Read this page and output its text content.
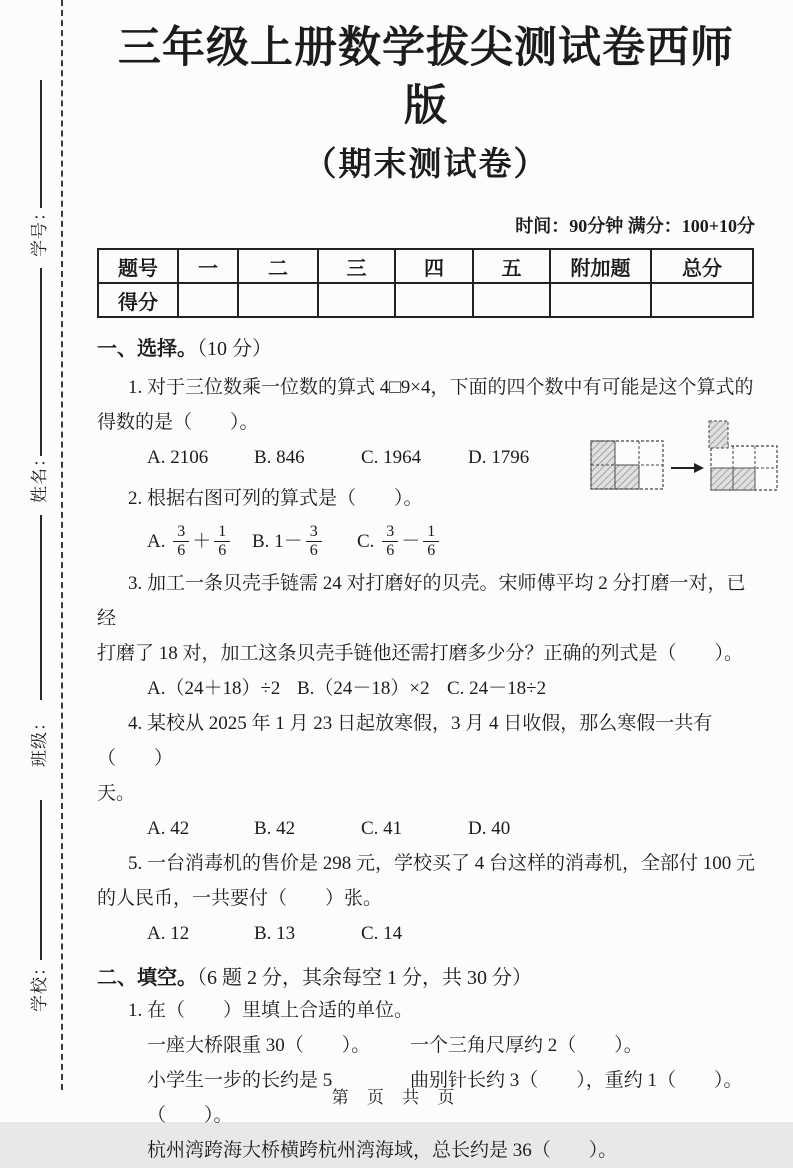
学号：
姓名：
班级：
学校：
三年级上册数学拔尖测试卷西师版
（期末测试卷）
时间：90分钟 满分：100+10分
题号	一	二	三	四	五	附加题	总分
得分							
一、选择。（10 分）
1. 对于三位数乘一位数的算式 4□9×4，下面的四个数中有可能是这个算式的
得数的是（　　）。
A. 2106	B. 846	C. 1964	D. 1796
2. 根据右图可列的算式是（　　）。
A.
$\frac{3}{6} + \frac{1}{6} B$.
$1- \frac{3}{6} C$.
$\frac{3}{6} - \frac{1}{6}$
3. 加工一条贝壳手链需 24 对打磨好的贝壳。宋师傅平均 2 分打磨一对，已经
打磨了 18 对，加工这条贝壳手链他还需打磨多少分？正确的列式是（　　）。
A.（24＋18）÷2 B.（24－18）×2 C. 24－18÷2
4. 某校从 2025 年 1 月 23 日起放寒假，3 月 4 日收假，那么寒假一共有（　　）
天。
A. 42	B. 42	C. 41	D. 40
5. 一台消毒机的售价是 298 元，学校买了 4 台这样的消毒机，全部付 100 元
的人民币，一共要付（　　）张。
A. 12	B. 13	C. 14
二、填空。（6 题 2 分，其余每空 1 分，共 30 分）
1. 在（　　）里填上合适的单位。
一座大桥限重 30（　　）。	一个三角尺厚约 2（　　）。
小学生一步的长约是 5（　　）。
曲别针长约 3（　　），重约 1（　　）。
杭州湾跨海大桥横跨杭州湾海域，总长约是 36（　　）。
第 页 共 页
